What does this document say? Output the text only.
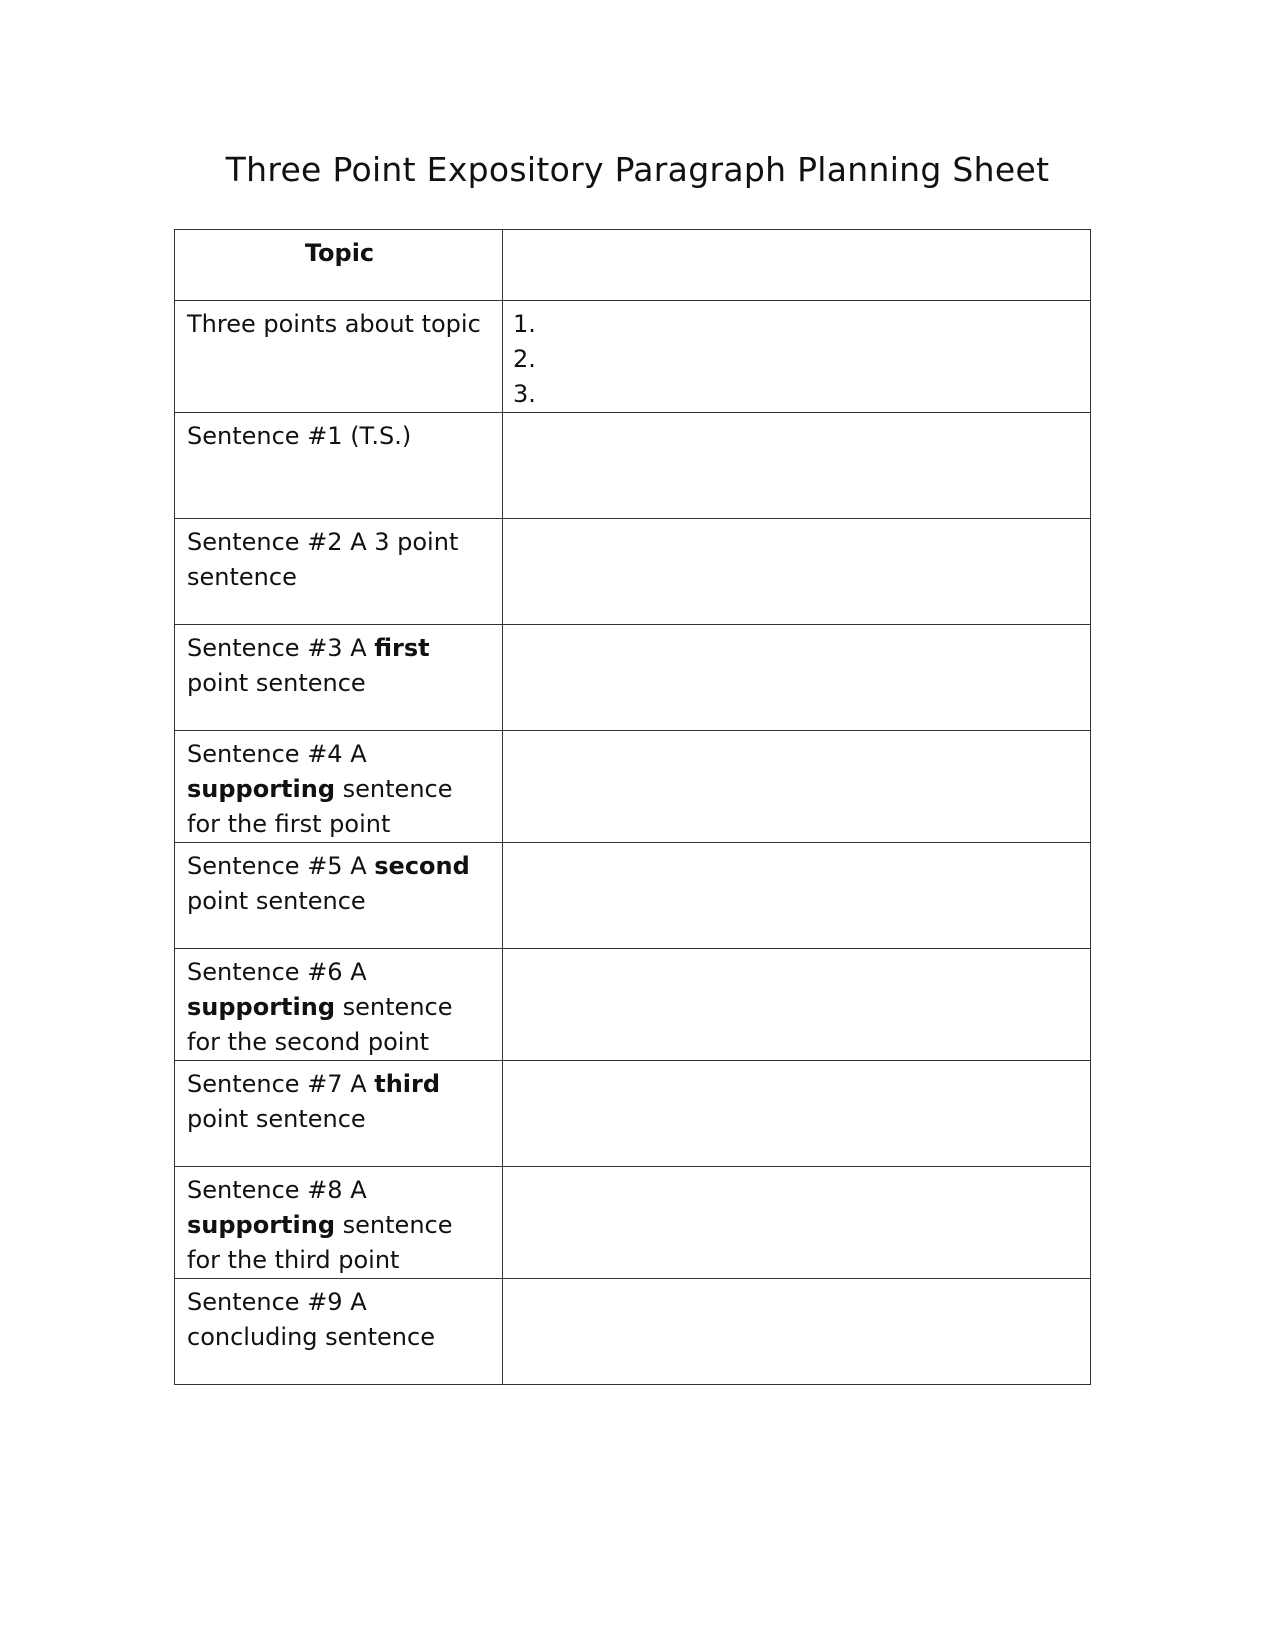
Three Point Expository Paragraph Planning Sheet
Topic	

Three points about topic	1.
2.
3.

Sentence #1 (T.S.)	

Sentence #2 A 3 point sentence	

Sentence #3 A first point sentence	

Sentence #4 A supporting sentence for the first point	

Sentence #5 A second point sentence	

Sentence #6 A supporting sentence for the second point	

Sentence #7 A third point sentence	

Sentence #8 A supporting sentence for the third point	

Sentence #9 A concluding sentence	
